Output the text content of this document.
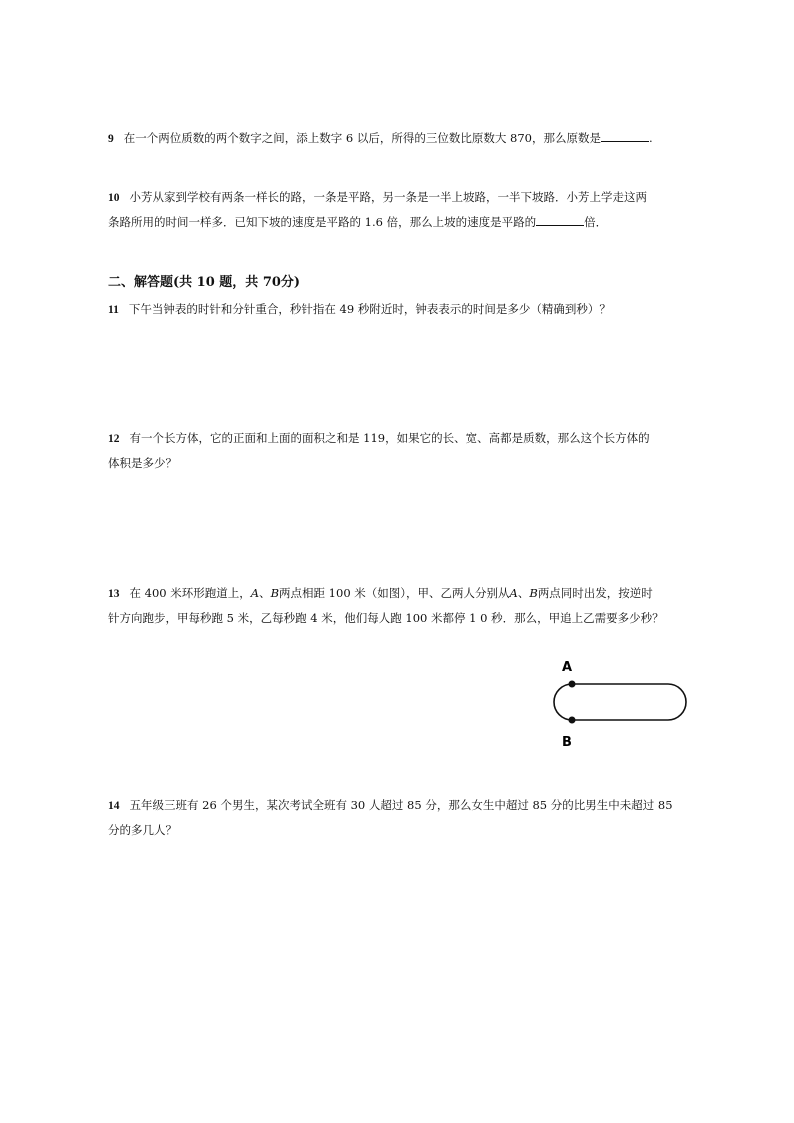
9 在一个两位质数的两个数字之间，添上数字 6 以后，所得的三位数比原数大 870，那么原数是	.
10 小芳从家到学校有两条一样长的路，一条是平路，另一条是一半上坡路，一半下坡路．小芳上学走这两
条路所用的时间一样多．已知下坡的速度是平路的 1.6 倍，那么上坡的速度是平路的	倍．
二、解答题(共 10 题，共 70分)
11 下午当钟表的时针和分针重合，秒针指在 49 秒附近时，钟表表示的时间是多少（精确到秒）？
12 有一个长方体，它的正面和上面的面积之和是 119，如果它的长、宽、高都是质数，那么这个长方体的
体积是多少？
13 在 400 米环形跑道上，A、B两点相距 100 米（如图），甲、乙两人分别从A、B两点同时出发，按逆时
针方向跑步，甲每秒跑 5 米，乙每秒跑 4 米，他们每人跑 100 米都停 1 0 秒．那么，甲追上乙需要多少秒？
A
B
14 五年级三班有 26 个男生，某次考试全班有 30 人超过 85 分，那么女生中超过 85 分的比男生中未超过 85
分的多几人？
